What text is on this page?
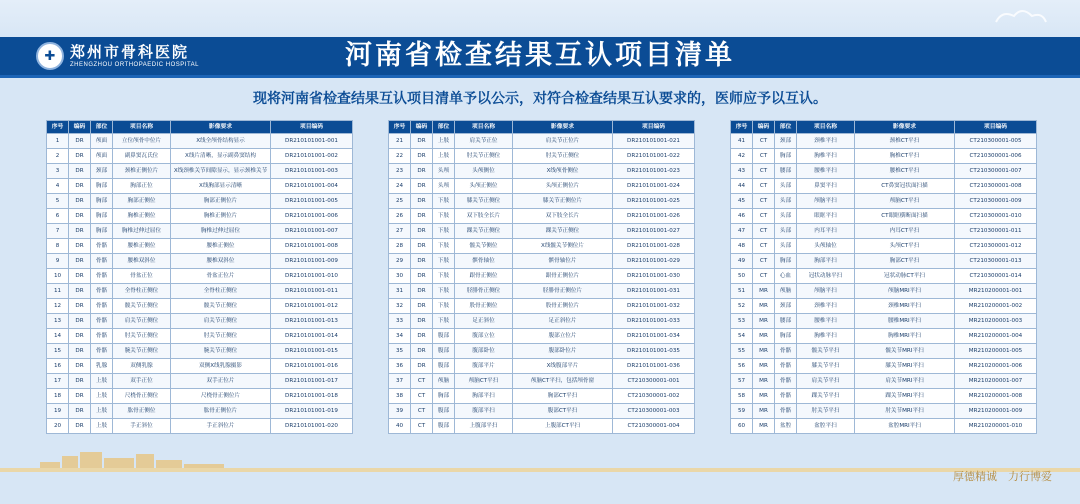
✚ 郑州市骨科医院
ZHENGZHOU ORTHOPAEDIC HOSPITAL	河南省检查结果互认项目清单
现将河南省检查结果互认项目清单予以公示，对符合检查结果互认要求的，医师应予以互认。
序号	编码	部位	项目名称	影像要求	项目编码
1	DR	颅面	立位颅骨中位片	X线全颅骨结构显示	DR210101001-001
2	DR	颅面	副鼻窦瓦氏位	X线片清晰，显示副鼻窦结构	DR210101001-002
3	DR	颈部	颈椎正侧位片	X线颈椎关节间隙显示，显示颈椎关节	DR210101001-003
4	DR	胸部	胸部正位	X线胸部显示清晰	DR210101001-004
5	DR	胸部	胸部正侧位	胸部正侧位片	DR210101001-005
6	DR	胸部	胸椎正侧位	胸椎正侧位片	DR210101001-006
7	DR	胸部	胸椎过伸过屈位	胸椎过伸过屈位	DR210101001-007
8	DR	骨骼	腰椎正侧位	腰椎正侧位	DR210101001-008
9	DR	骨骼	腰椎双斜位	腰椎双斜位	DR210101001-009
10	DR	骨骼	骨盆正位	骨盆正位片	DR210101001-010
11	DR	骨骼	全脊柱正侧位	全脊柱正侧位	DR210101001-011
12	DR	骨骼	髋关节正侧位	髋关节正侧位	DR210101001-012
13	DR	骨骼	肩关节正侧位	肩关节正侧位	DR210101001-013
14	DR	骨骼	肘关节正侧位	肘关节正侧位	DR210101001-014
15	DR	骨骼	腕关节正侧位	腕关节正侧位	DR210101001-015
16	DR	乳腺	双侧乳腺	双侧X线乳腺摄影	DR210101001-016
17	DR	上肢	双手正位	双手正位片	DR210101001-017
18	DR	上肢	尺桡骨正侧位	尺桡骨正侧位片	DR210101001-018
19	DR	上肢	肱骨正侧位	肱骨正侧位片	DR210101001-019
20	DR	上肢	手正斜位	手正斜位片	DR210101001-020
序号	编码	部位	项目名称	影像要求	项目编码
21	DR	上肢	肩关节正位	肩关节正位片	DR210101001-021
22	DR	上肢	肘关节正侧位	肘关节正侧位	DR210101001-022
23	DR	头颅	头颅侧位	X线颅骨侧位	DR210101001-023
24	DR	头颅	头颅正侧位	头颅正侧位片	DR210101001-024
25	DR	下肢	膝关节正侧位	膝关节正侧位片	DR210101001-025
26	DR	下肢	双下肢全长片	双下肢全长片	DR210101001-026
27	DR	下肢	踝关节正侧位	踝关节正侧位	DR210101001-027
28	DR	下肢	髋关节侧位	X线髋关节侧位片	DR210101001-028
29	DR	下肢	髌骨轴位	髌骨轴位片	DR210101001-029
30	DR	下肢	跟骨正侧位	跟骨正侧位片	DR210101001-030
31	DR	下肢	胫腓骨正侧位	胫腓骨正侧位片	DR210101001-031
32	DR	下肢	股骨正侧位	股骨正侧位片	DR210101001-032
33	DR	下肢	足正斜位	足正斜位片	DR210101001-033
34	DR	腹部	腹部立位	腹部立位片	DR210101001-034
35	DR	腹部	腹部卧位	腹部卧位片	DR210101001-035
36	DR	腹部	腹部平片	X线腹部平片	DR210101001-036
37	CT	颅脑	颅脑CT平扫	颅脑CT平扫，包括颅骨窗	CT210300001-001
38	CT	胸部	胸部平扫	胸部CT平扫	CT210300001-002
39	CT	腹部	腹部平扫	腹部CT平扫	CT210300001-003
40	CT	腹部	上腹部平扫	上腹部CT平扫	CT210300001-004
序号	编码	部位	项目名称	影像要求	项目编码
41	CT	颈部	颈椎平扫	颈椎CT平扫	CT210300001-005
42	CT	胸部	胸椎平扫	胸椎CT平扫	CT210300001-006
43	CT	腰部	腰椎平扫	腰椎CT平扫	CT210300001-007
44	CT	头部	鼻窦平扫	CT鼻窦冠状面扫描	CT210300001-008
45	CT	头部	颅脑平扫	颅脑CT平扫	CT210300001-009
46	CT	头部	眼眶平扫	CT眼眶横断面扫描	CT210300001-010
47	CT	头部	内耳平扫	内耳CT平扫	CT210300001-011
48	CT	头部	头颅轴位	头颅CT平扫	CT210300001-012
49	CT	胸部	胸部平扫	胸部CT平扫	CT210300001-013
50	CT	心血	冠状动脉平扫	冠状动脉CT平扫	CT210300001-014
51	MR	颅脑	颅脑平扫	颅脑MRI平扫	MR210200001-001
52	MR	颈部	颈椎平扫	颈椎MRI平扫	MR210200001-002
53	MR	腰部	腰椎平扫	腰椎MRI平扫	MR210200001-003
54	MR	胸部	胸椎平扫	胸椎MRI平扫	MR210200001-004
55	MR	骨骼	髋关节平扫	髋关节MRI平扫	MR210200001-005
56	MR	骨骼	膝关节平扫	膝关节MRI平扫	MR210200001-006
57	MR	骨骼	肩关节平扫	肩关节MRI平扫	MR210200001-007
58	MR	骨骼	踝关节平扫	踝关节MRI平扫	MR210200001-008
59	MR	骨骼	肘关节平扫	肘关节MRI平扫	MR210200001-009
60	MR	盆腔	盆腔平扫	盆腔MRI平扫	MR210200001-010
厚德精诚　力行博爱
